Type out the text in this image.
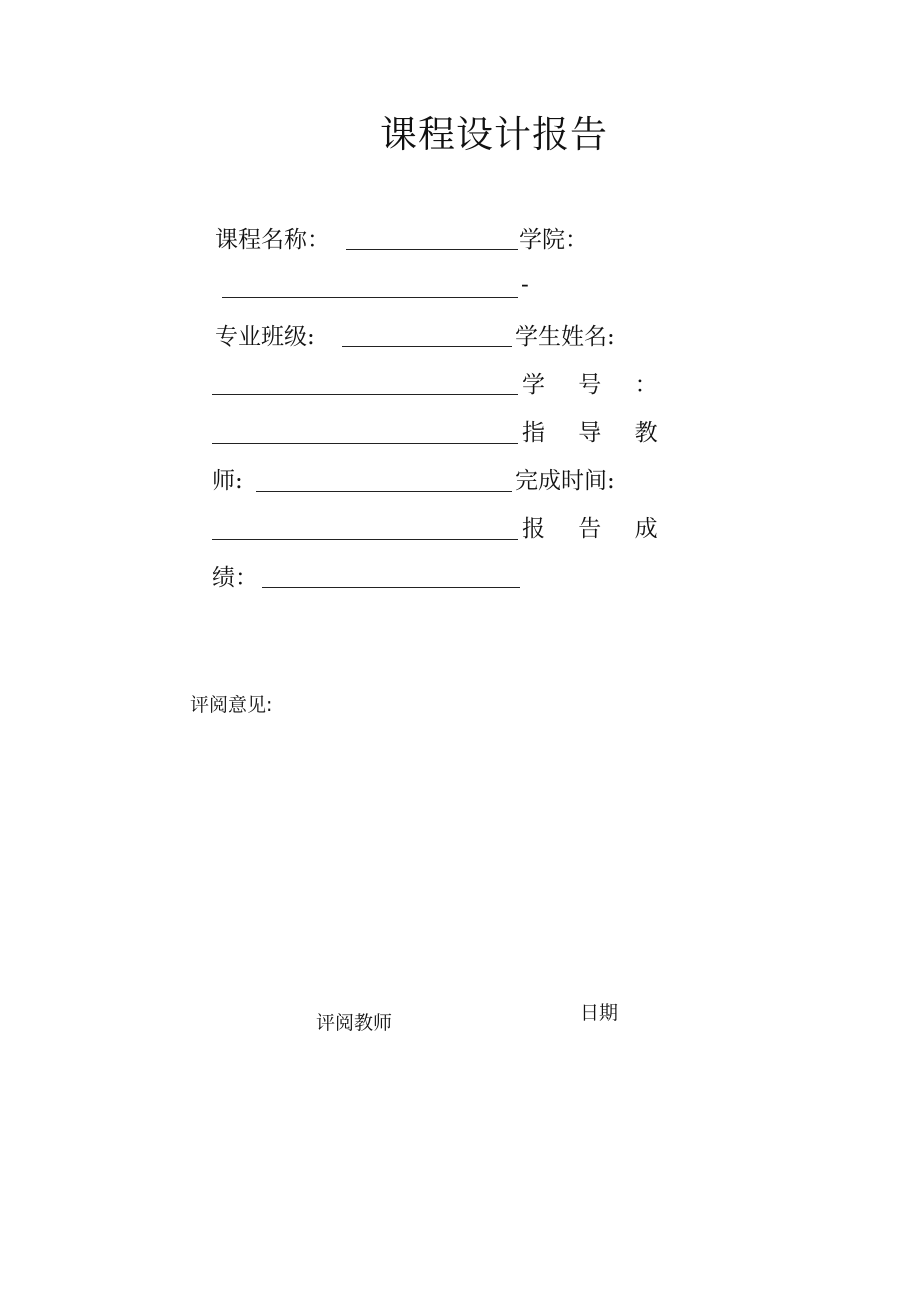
课程设计报告
课程名称：	学院：
-
专业班级:	学生姓名:
学 号 ：
指 导 教
师:	完成时间:
报 告 成
绩：
评阅意见:
评阅教师	日期
